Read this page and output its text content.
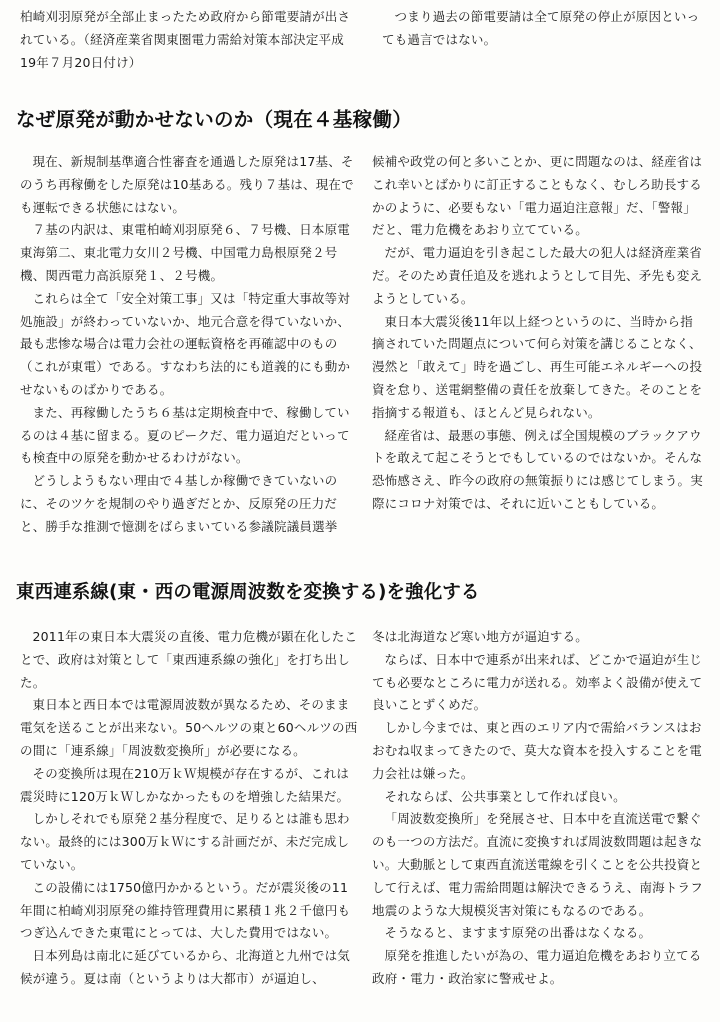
柏崎刈羽原発が全部止まったため政府から節電要請が出されている。（経済産業省関東圏電力需給対策本部決定平成19年７月20日付け）

つまり過去の節電要請は全て原発の停止が原因といっても過言ではない。

なぜ原発が動かせないのか（現在４基稼働）

現在、新規制基準適合性審査を通過した原発は17基、そのうち再稼働をした原発は10基ある。残り７基は、現在でも運転できる状態にはない。

７基の内訳は、東電柏崎刈羽原発６、７号機、日本原電東海第二、東北電力女川２号機、中国電力島根原発２号機、関西電力高浜原発１、２号機。

これらは全て「安全対策工事」又は「特定重大事故等対処施設」が終わっていないか、地元合意を得ていないか、最も悲惨な場合は電力会社の運転資格を再確認中のもの（これが東電）である。すなわち法的にも道義的にも動かせないものばかりである。

また、再稼働したうち６基は定期検査中で、稼働しているのは４基に留まる。夏のピークだ、電力逼迫だといっても検査中の原発を動かせるわけがない。

どうしようもない理由で４基しか稼働できていないのに、そのツケを規制のやり過ぎだとか、反原発の圧力だと、勝手な推測で憶測をばらまいている参議院議員選挙

候補や政党の何と多いことか、更に問題なのは、経産省はこれ幸いとばかりに訂正することもなく、むしろ助長するかのように、必要もない「電力逼迫注意報」だ、「警報」だと、電力危機をあおり立てている。

だが、電力逼迫を引き起こした最大の犯人は経済産業省だ。そのため責任追及を逃れようとして目先、矛先も変えようとしている。

東日本大震災後11年以上経つというのに、当時から指摘されていた問題点について何ら対策を講じることなく、漫然と「敢えて」時を過ごし、再生可能エネルギーへの投資を怠り、送電網整備の責任を放棄してきた。そのことを指摘する報道も、ほとんど見られない。

経産省は、最悪の事態、例えば全国規模のブラックアウトを敢えて起こそうとでもしているのではないか。そんな恐怖感さえ、昨今の政府の無策振りには感じてしまう。実際にコロナ対策では、それに近いこともしている。

東西連系線(東・西の電源周波数を変換する)を強化する

2011年の東日本大震災の直後、電力危機が顕在化したことで、政府は対策として「東西連系線の強化」を打ち出した。

東日本と西日本では電源周波数が異なるため、そのまま電気を送ることが出来ない。50ヘルツの東と60ヘルツの西の間に「連系線」「周波数変換所」が必要になる。

その変換所は現在210万ｋＷ規模が存在するが、これは震災時に120万ｋＷしかなかったものを増強した結果だ。

しかしそれでも原発２基分程度で、足りるとは誰も思わない。最終的には300万ｋＷにする計画だが、未だ完成していない。

この設備には1750億円かかるという。だが震災後の11年間に柏崎刈羽原発の維持管理費用に累積１兆２千億円もつぎ込んできた東電にとっては、大した費用ではない。

日本列島は南北に延びているから、北海道と九州では気候が違う。夏は南（というよりは大都市）が逼迫し、

冬は北海道など寒い地方が逼迫する。

ならば、日本中で連系が出来れば、どこかで逼迫が生じても必要なところに電力が送れる。効率よく設備が使えて良いことずくめだ。

しかし今までは、東と西のエリア内で需給バランスはおおむね収まってきたので、莫大な資本を投入することを電力会社は嫌った。

それならば、公共事業として作れば良い。

「周波数変換所」を発展させ、日本中を直流送電で繋ぐのも一つの方法だ。直流に変換すれば周波数問題は起きない。大動脈として東西直流送電線を引くことを公共投資として行えば、電力需給問題は解決できるうえ、南海トラフ地震のような大規模災害対策にもなるのである。

そうなると、ますます原発の出番はなくなる。

原発を推進したいが為の、電力逼迫危機をあおり立てる政府・電力・政治家に警戒せよ。
